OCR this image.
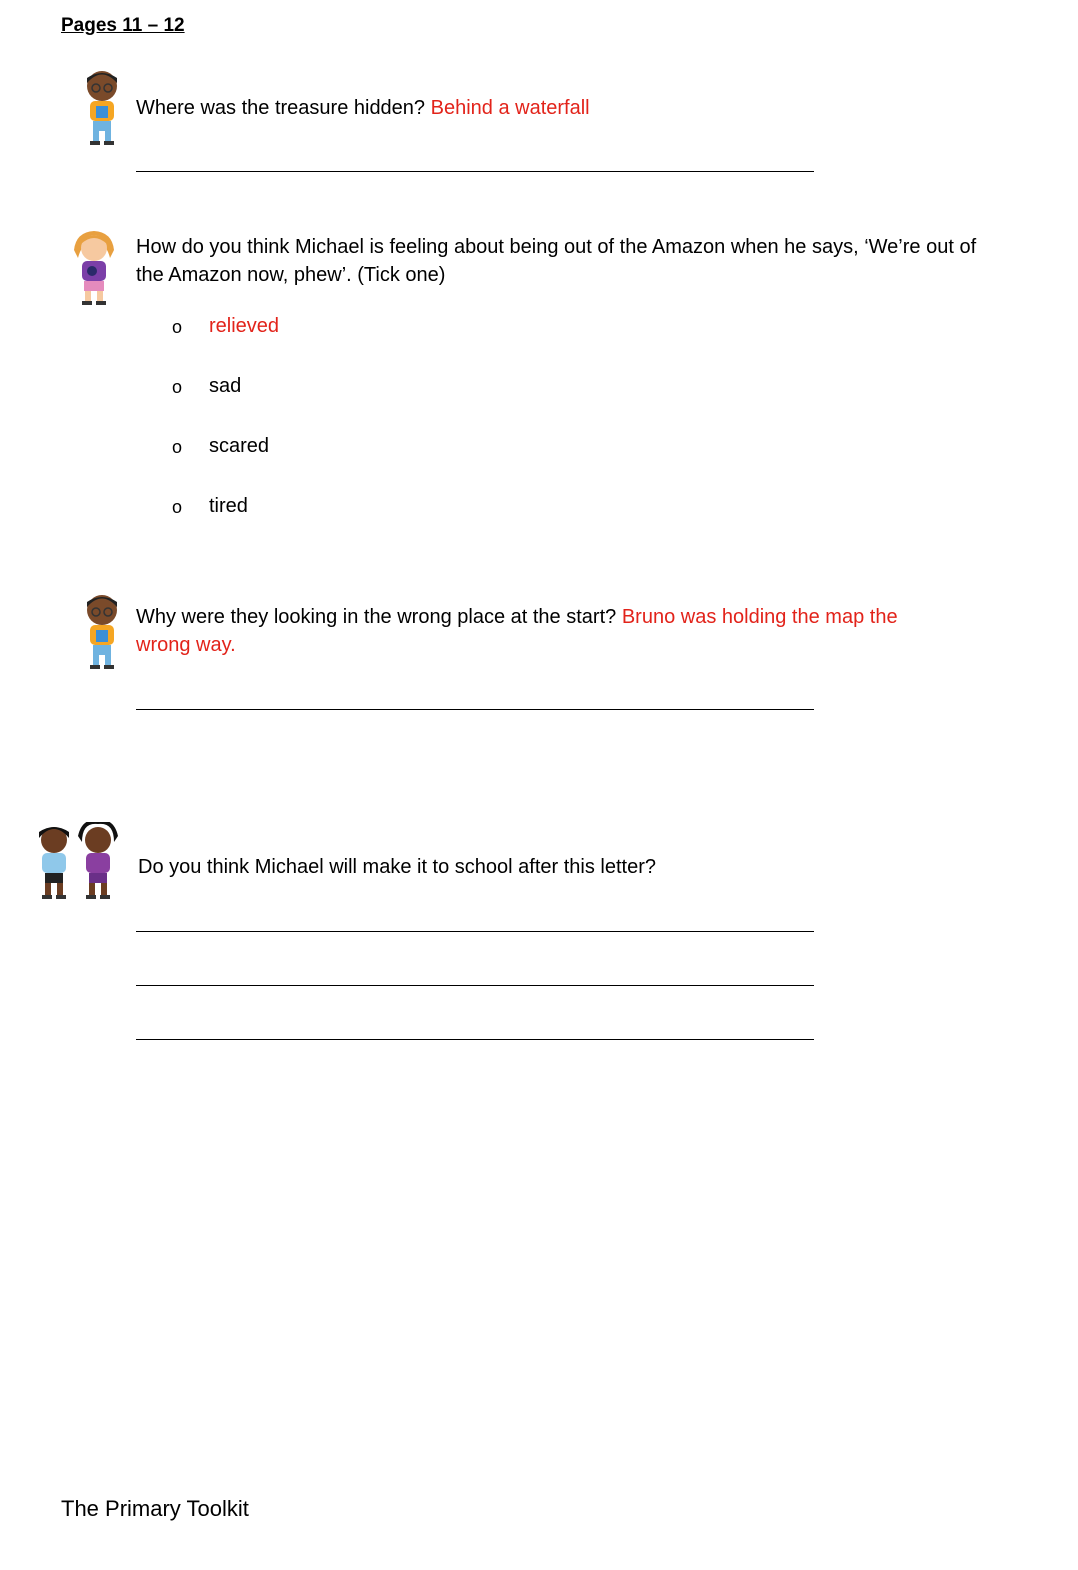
Pages 11 – 12
Where was the treasure hidden? Behind a waterfall
How do you think Michael is feeling about being out of the Amazon when he says, ‘We’re out of the Amazon now, phew’. (Tick one)
o relieved
o sad
o scared
o tired
Why were they looking in the wrong place at the start? Bruno was holding the map the wrong way.
Do you think Michael will make it to school after this letter?
The Primary Toolkit
